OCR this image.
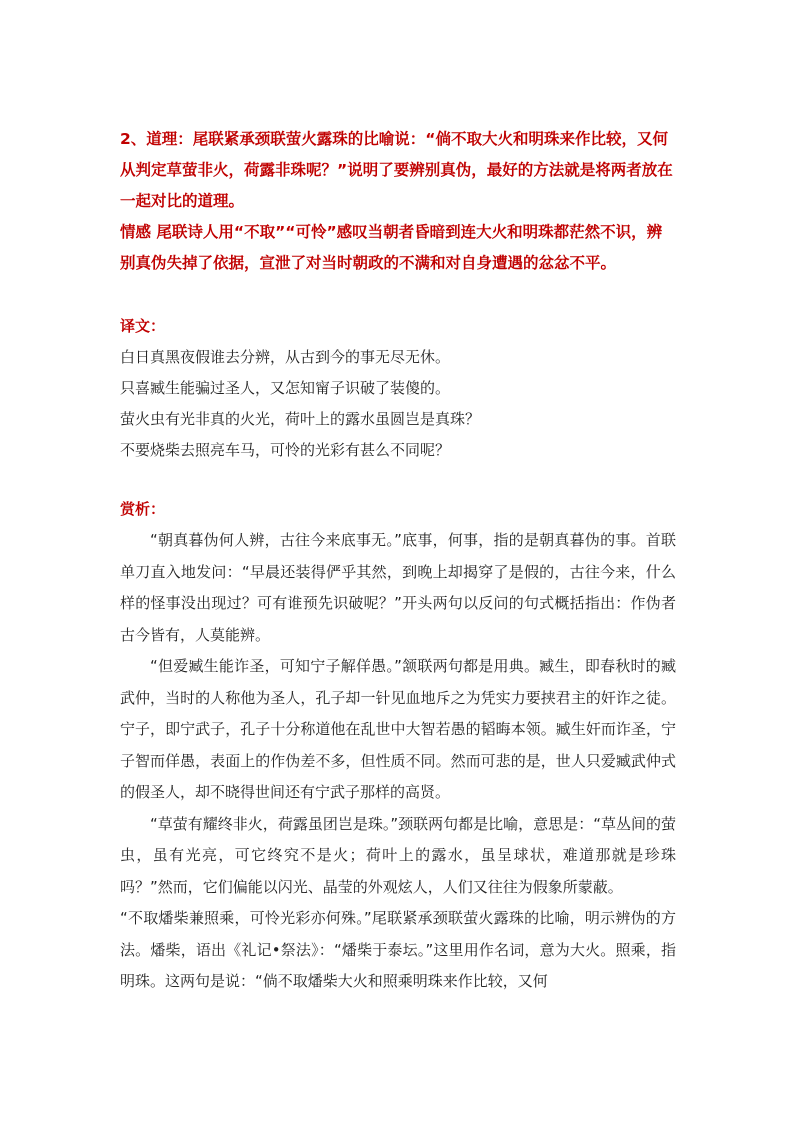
2、道理：尾联紧承颈联萤火露珠的比喻说：“倘不取大火和明珠来作比较，又何从判定草萤非火，荷露非珠呢？”说明了要辨别真伪，最好的方法就是将两者放在一起对比的道理。

情感 尾联诗人用“不取”“可怜”感叹当朝者昏暗到连大火和明珠都茫然不识，辨别真伪失掉了依据，宣泄了对当时朝政的不满和对自身遭遇的忿忿不平。

译文：

白日真黑夜假谁去分辨，从古到今的事无尽无休。

只喜臧生能骗过圣人，又怎知甯子识破了装傻的。

萤火虫有光非真的火光，荷叶上的露水虽圆岂是真珠？

不要烧柴去照亮车马，可怜的光彩有甚么不同呢？

赏析：

“朝真暮伪何人辨，古往今来底事无。”底事，何事，指的是朝真暮伪的事。首联单刀直入地发问：“早晨还装得俨乎其然，到晚上却揭穿了是假的，古往今来，什么样的怪事没出现过？可有谁预先识破呢？”开头两句以反问的句式概括指出：作伪者古今皆有，人莫能辨。

“但爱臧生能诈圣，可知宁子解佯愚。”颔联两句都是用典。臧生，即春秋时的臧武仲，当时的人称他为圣人，孔子却一针见血地斥之为凭实力要挟君主的奸诈之徒。宁子，即宁武子，孔子十分称道他在乱世中大智若愚的韬晦本领。臧生奸而诈圣，宁子智而佯愚，表面上的作伪差不多，但性质不同。然而可悲的是，世人只爱臧武仲式的假圣人，却不晓得世间还有宁武子那样的高贤。

“草萤有耀终非火，荷露虽团岂是珠。”颈联两句都是比喻，意思是：“草丛间的萤虫，虽有光亮，可它终究不是火；荷叶上的露水，虽呈球状，难道那就是珍珠吗？”然而，它们偏能以闪光、晶莹的外观炫人，人们又往往为假象所蒙蔽。

“不取燔柴兼照乘，可怜光彩亦何殊。”尾联紧承颈联萤火露珠的比喻，明示辨伪的方法。燔柴，语出《礼记•祭法》：“燔柴于泰坛。”这里用作名词，意为大火。照乘，指明珠。这两句是说：“倘不取燔柴大火和照乘明珠来作比较，又何
